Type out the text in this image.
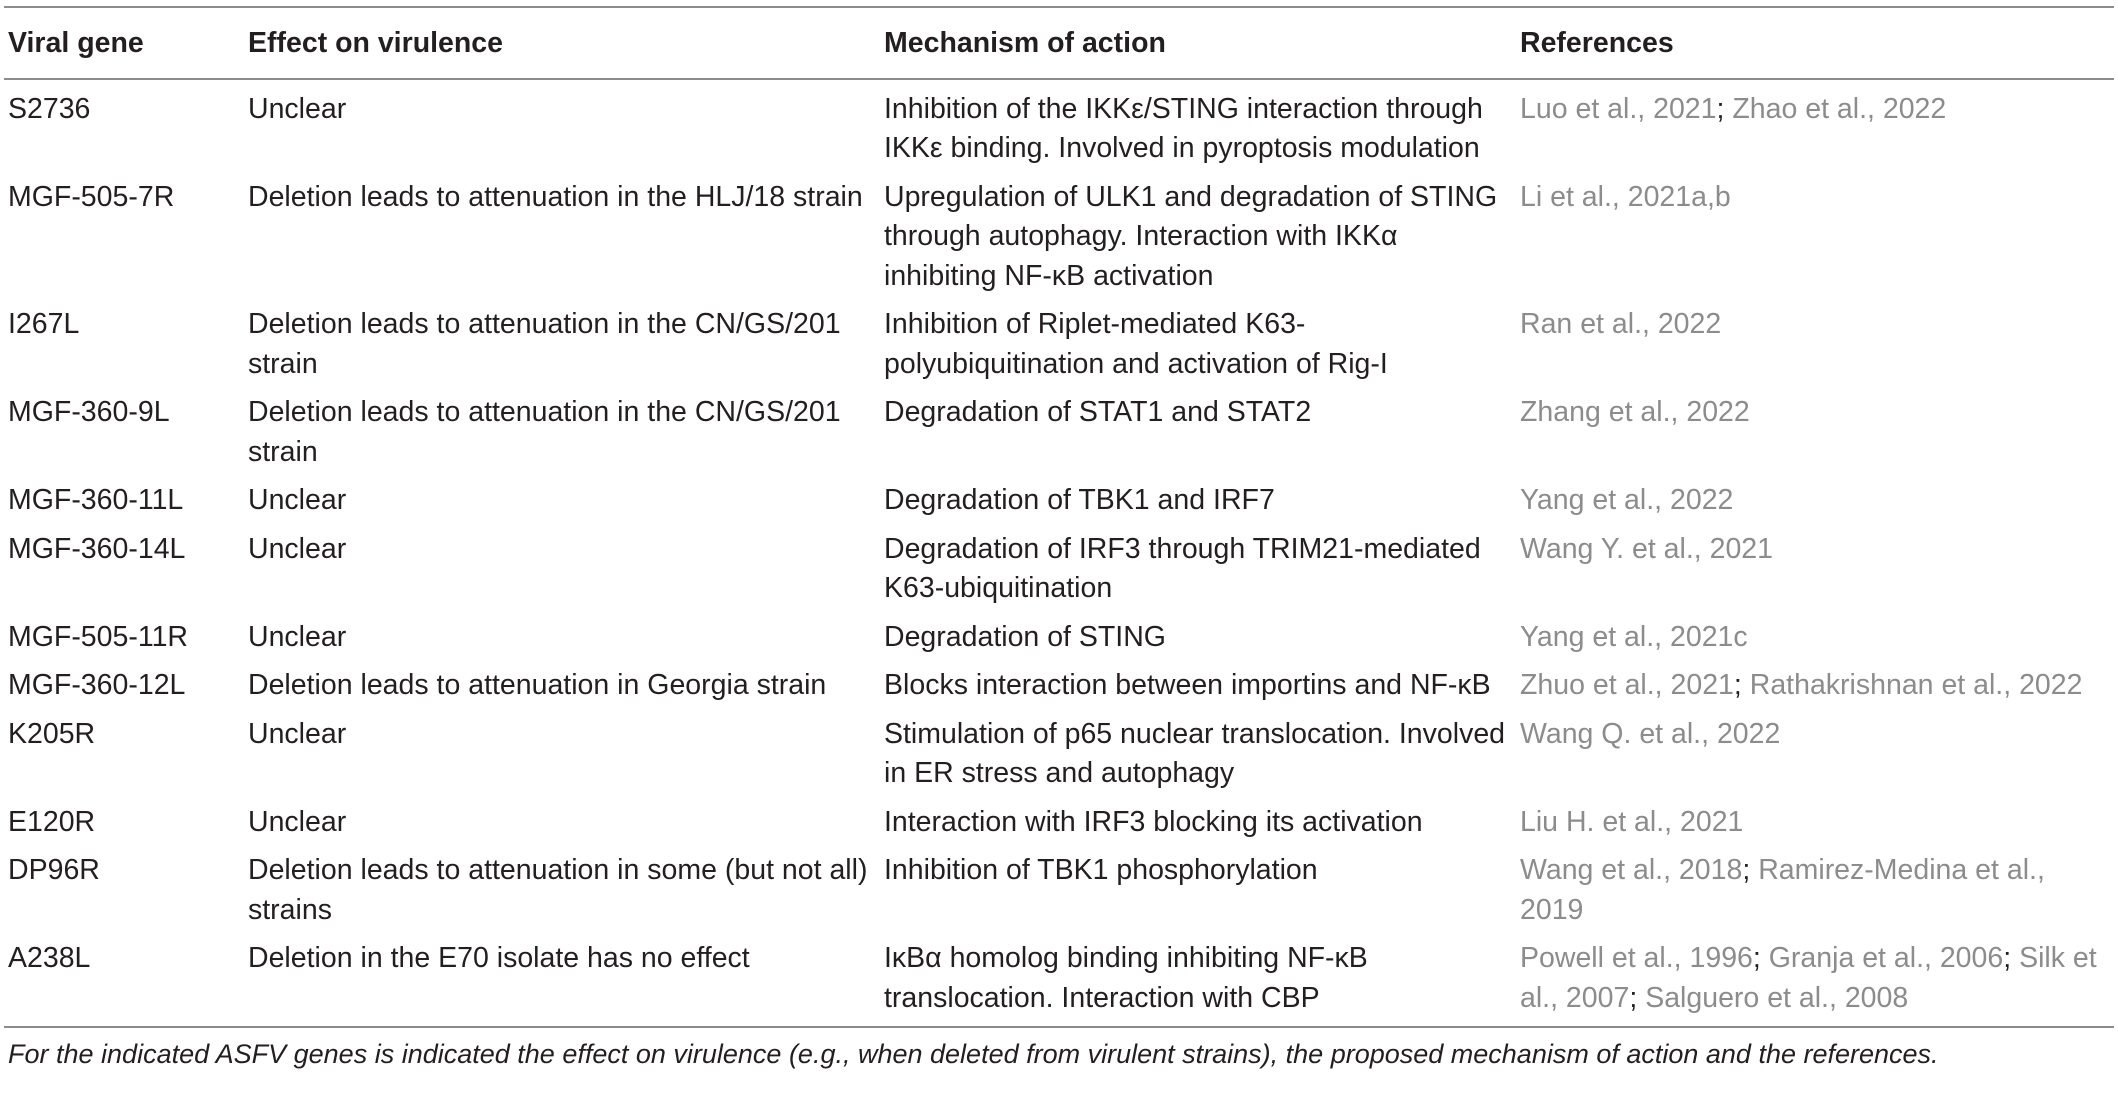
Viral gene	Effect on virulence	Mechanism of action	References
S2736	Unclear	Inhibition of the IKKε/STING interaction through IKKε binding. Involved in pyroptosis modulation	Luo et al., 2021; Zhao et al., 2022
MGF-505-7R	Deletion leads to attenuation in the HLJ/18 strain	Upregulation of ULK1 and degradation of STING through autophagy. Interaction with IKKα inhibiting NF-κB activation	Li et al., 2021a,b
I267L	Deletion leads to attenuation in the CN/GS/201 strain	Inhibition of Riplet-mediated K63-polyubiquitination and activation of Rig-I	Ran et al., 2022
MGF-360-9L	Deletion leads to attenuation in the CN/GS/201 strain	Degradation of STAT1 and STAT2	Zhang et al., 2022
MGF-360-11L	Unclear	Degradation of TBK1 and IRF7	Yang et al., 2022
MGF-360-14L	Unclear	Degradation of IRF3 through TRIM21-mediated K63-ubiquitination	Wang Y. et al., 2021
MGF-505-11R	Unclear	Degradation of STING	Yang et al., 2021c
MGF-360-12L	Deletion leads to attenuation in Georgia strain	Blocks interaction between importins and NF-κB	Zhuo et al., 2021; Rathakrishnan et al., 2022
K205R	Unclear	Stimulation of p65 nuclear translocation. Involved in ER stress and autophagy	Wang Q. et al., 2022
E120R	Unclear	Interaction with IRF3 blocking its activation	Liu H. et al., 2021
DP96R	Deletion leads to attenuation in some (but not all) strains	Inhibition of TBK1 phosphorylation	Wang et al., 2018; Ramirez-Medina et al., 2019
A238L	Deletion in the E70 isolate has no effect	IκBα homolog binding inhibiting NF-κB translocation. Interaction with CBP	Powell et al., 1996; Granja et al., 2006; Silk et al., 2007; Salguero et al., 2008
For the indicated ASFV genes is indicated the effect on virulence (e.g., when deleted from virulent strains), the proposed mechanism of action and the references.
